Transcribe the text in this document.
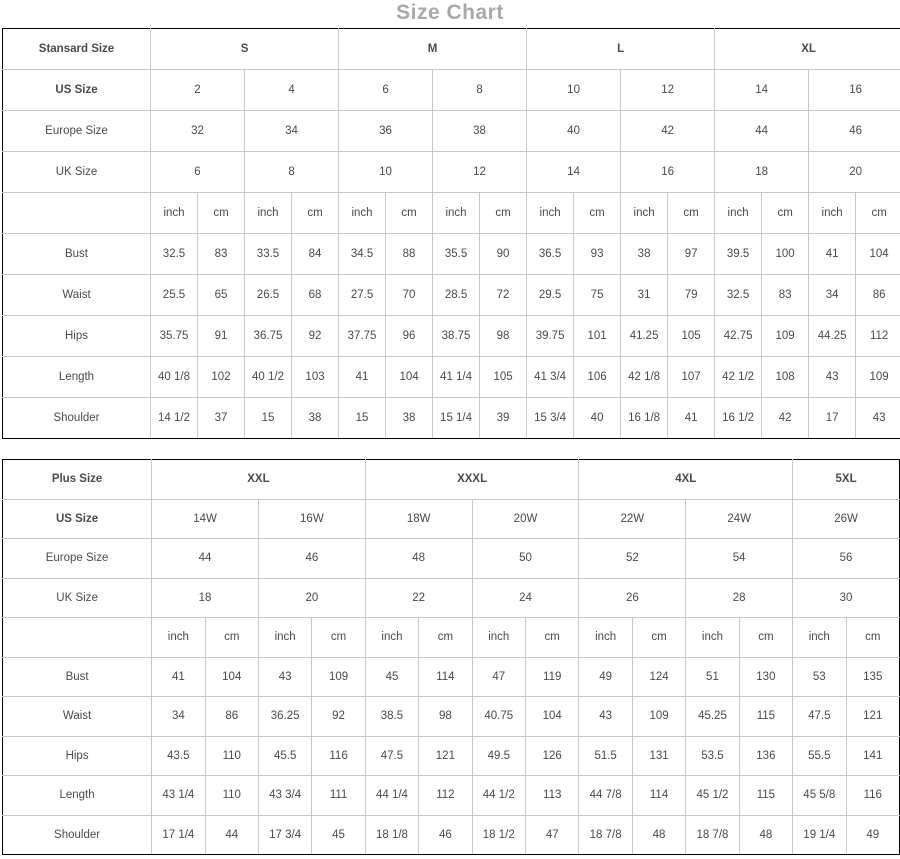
Size Chart
Stansard Size	S				M				L				XL			
US Size	2		4		6		8		10		12		14		16	
Europe Size	32		34		36		38		40		42		44		46	
UK Size	6		8		10		12		14		16		18		20	
	inch	cm	inch	cm	inch	cm	inch	cm	inch	cm	inch	cm	inch	cm	inch	cm
Bust	32.5	83	33.5	84	34.5	88	35.5	90	36.5	93	38	97	39.5	100	41	104
Waist	25.5	65	26.5	68	27.5	70	28.5	72	29.5	75	31	79	32.5	83	34	86
Hips	35.75	91	36.75	92	37.75	96	38.75	98	39.75	101	41.25	105	42.75	109	44.25	112
Length	40 1/8	102	40 1/2	103	41	104	41 1/4	105	41 3/4	106	42 1/8	107	42 1/2	108	43	109
Shoulder	14 1/2	37	15	38	15	38	15 1/4	39	15 3/4	40	16 1/8	41	16 1/2	42	17	43
Plus Size	XXL				XXXL				4XL				5XL	
US Size	14W		16W		18W		20W		22W		24W		26W	
Europe Size	44		46		48		50		52		54		56	
UK Size	18		20		22		24		26		28		30	
	inch	cm	inch	cm	inch	cm	inch	cm	inch	cm	inch	cm	inch	cm
Bust	41	104	43	109	45	114	47	119	49	124	51	130	53	135
Waist	34	86	36.25	92	38.5	98	40.75	104	43	109	45.25	115	47.5	121
Hips	43.5	110	45.5	116	47.5	121	49.5	126	51.5	131	53.5	136	55.5	141
Length	43 1/4	110	43 3/4	111	44 1/4	112	44 1/2	113	44 7/8	114	45 1/2	115	45 5/8	116
Shoulder	17 1/4	44	17 3/4	45	18 1/8	46	18 1/2	47	18 7/8	48	18 7/8	48	19 1/4	49
